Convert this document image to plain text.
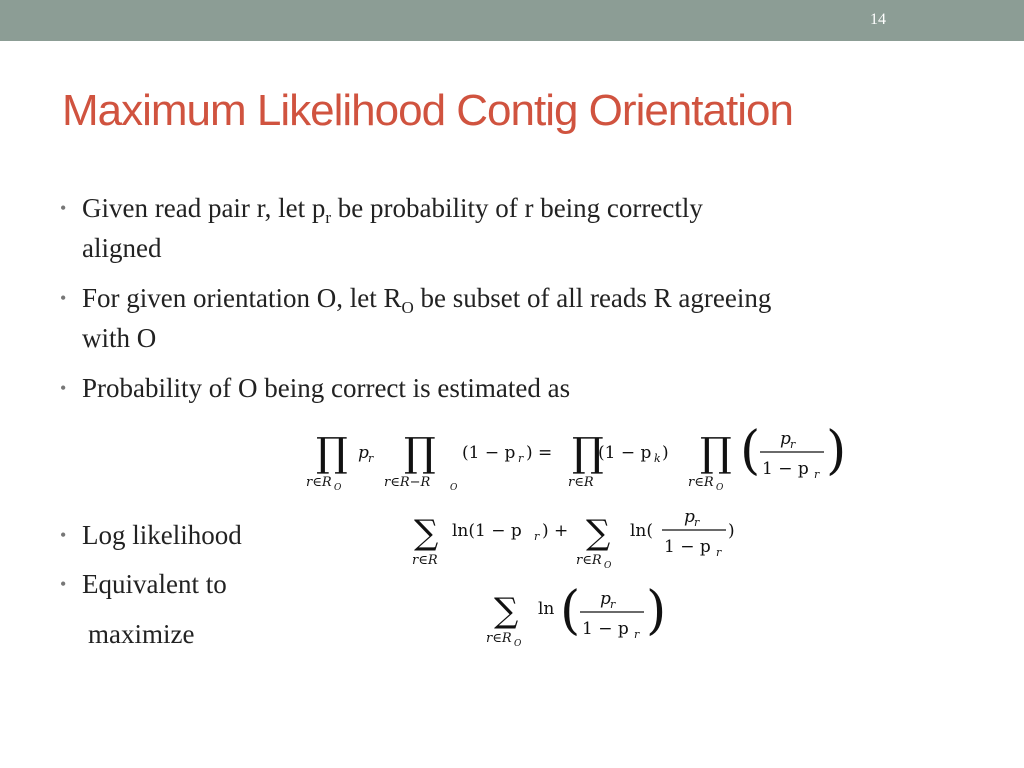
14
Maximum Likelihood Contig Orientation
• Given read pair r, let $p_r$ be probability of r being correctly
aligned
• For given orientation O, let $R_O$ be subset of all reads R agreeing
with O
• Probability of O being correct is estimated as
• Log likelihood
• Equivalent to
maximize
∏
r∈R O
p r ∏
r∈R−R O
(1 − p r ) = ∏
r∈R
(1 − p k ) ∏
r∈R O
( p r
1 − p r )
∑
r∈R
ln(1 − p r ) + ∑
r∈R O
ln(
p r
1 − p r
)
∑
r∈R O
ln ( p r
1 − p r )
